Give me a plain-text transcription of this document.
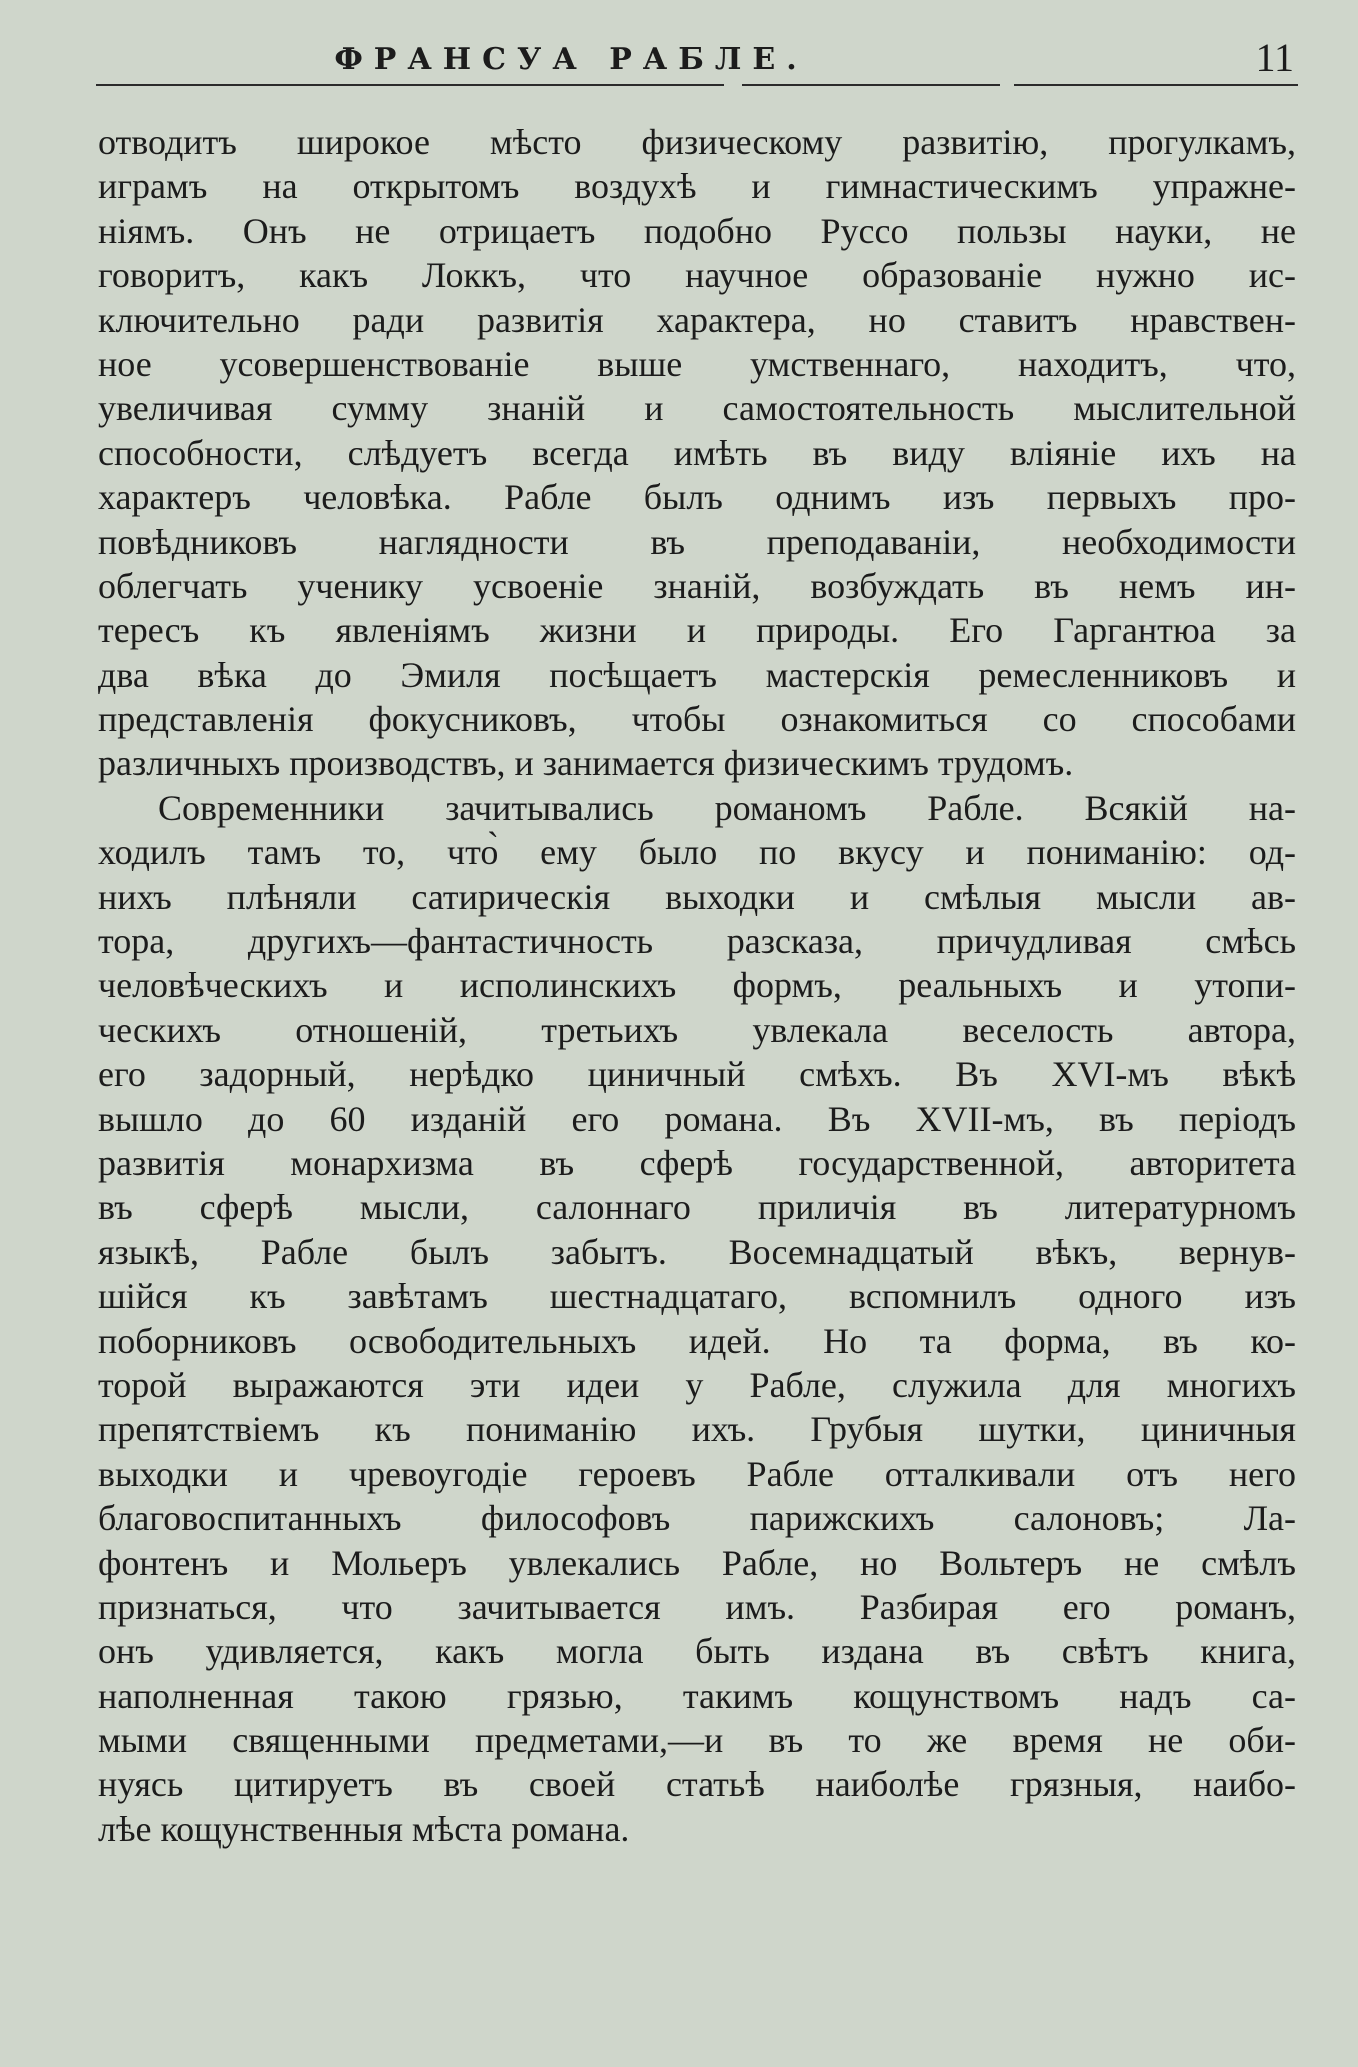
ФРАНСУА РАБЛЕ.	11
отводитъ широкое мѣсто физическому развитію, прогулкамъ,
играмъ на открытомъ воздухѣ и гимнастическимъ упражне-
ніямъ. Онъ не отрицаетъ подобно Руссо пользы науки, не
говоритъ, какъ Локкъ, что научное образованіе нужно ис-
ключительно ради развитія характера, но ставитъ нравствен-
ное усовершенствованіе выше умственнаго, находитъ, что,
увеличивая сумму знаній и самостоятельность мыслительной
способности, слѣдуетъ всегда имѣть въ виду вліяніе ихъ на
характеръ человѣка. Рабле былъ однимъ изъ первыхъ про-
повѣдниковъ наглядности въ преподаваніи, необходимости
облегчать ученику усвоеніе знаній, возбуждать въ немъ ин-
тересъ къ явленіямъ жизни и природы. Его Гаргантюа за
два вѣка до Эмиля посѣщаетъ мастерскія ремесленниковъ и
представленія фокусниковъ, чтобы ознакомиться со способами
различныхъ производствъ, и занимается физическимъ трудомъ.
Современники зачитывались романомъ Рабле. Всякій на-
ходилъ тамъ то, что̀ ему было по вкусу и пониманію: од-
нихъ плѣняли сатирическія выходки и смѣлыя мысли ав-
тора, другихъ—фантастичность разсказа, причудливая смѣсь
человѣческихъ и исполинскихъ формъ, реальныхъ и утопи-
ческихъ отношеній, третьихъ увлекала веселость автора,
его задорный, нерѣдко циничный смѣхъ. Въ XVI-мъ вѣкѣ
вышло до 60 изданій его романа. Въ XVII-мъ, въ періодъ
развитія монархизма въ сферѣ государственной, авторитета
въ сферѣ мысли, салоннаго приличія въ литературномъ
языкѣ, Рабле былъ забытъ. Восемнадцатый вѣкъ, вернув-
шійся къ завѣтамъ шестнадцатаго, вспомнилъ одного изъ
поборниковъ освободительныхъ идей. Но та форма, въ ко-
торой выражаются эти идеи у Рабле, служила для многихъ
препятствіемъ къ пониманію ихъ. Грубыя шутки, циничныя
выходки и чревоугодіе героевъ Рабле отталкивали отъ него
благовоспитанныхъ философовъ парижскихъ салоновъ; Ла-
фонтенъ и Мольеръ увлекались Рабле, но Вольтеръ не смѣлъ
признаться, что зачитывается имъ. Разбирая его романъ,
онъ удивляется, какъ могла быть издана въ свѣтъ книга,
наполненная такою грязью, такимъ кощунствомъ надъ са-
мыми священными предметами,—и въ то же время не оби-
нуясь цитируетъ въ своей статьѣ наиболѣе грязныя, наибо-
лѣе кощунственныя мѣста романа.
